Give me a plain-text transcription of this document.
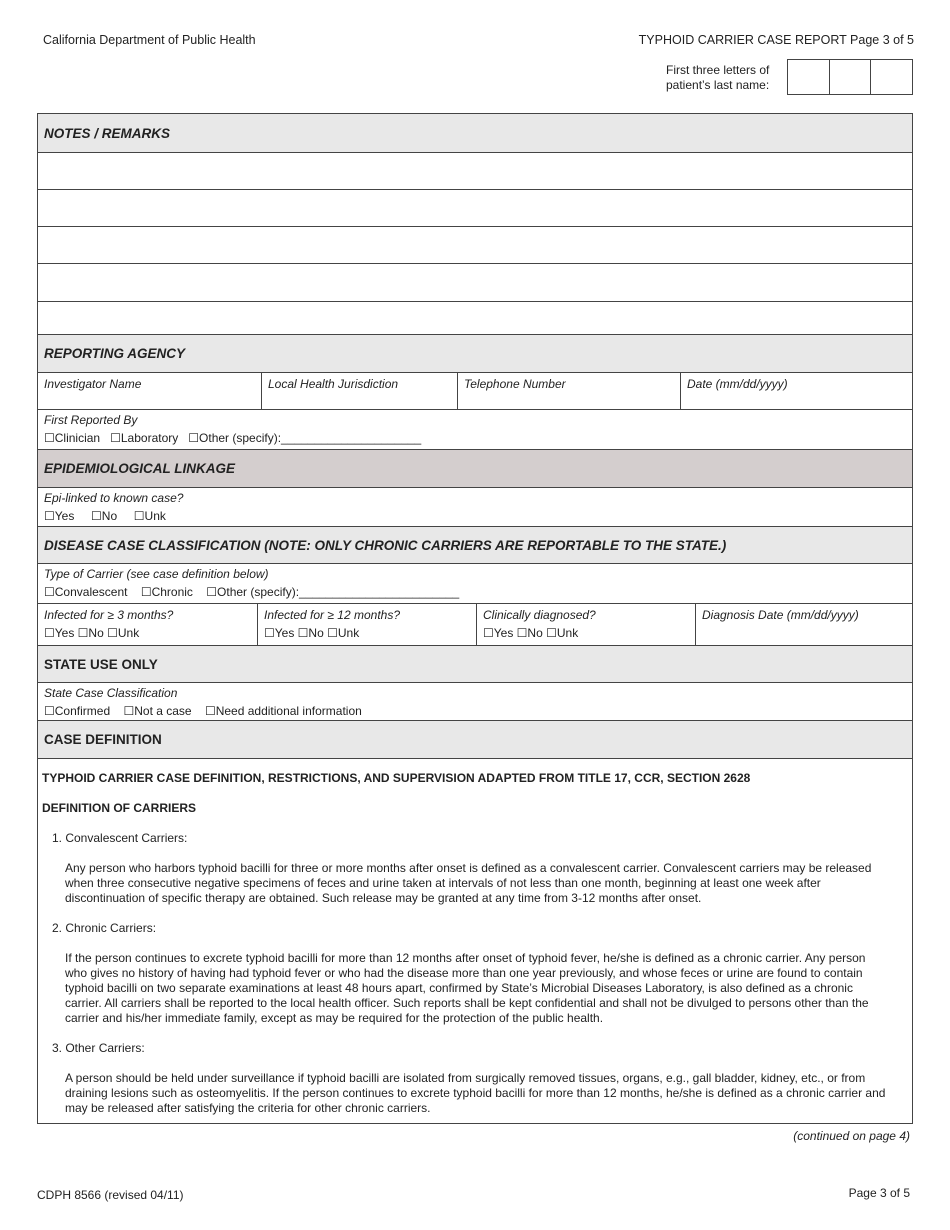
California Department of Public Health	TYPHOID CARRIER CASE REPORT Page 3 of 5
First three letters of
patient’s last name:
NOTES / REMARKS
REPORTING AGENCY
Investigator Name	Local Health Jurisdiction	Telephone Number	Date (mm/dd/yyyy)
First Reported By
☐Clinician ☐Laboratory ☐Other (specify):_____________________
EPIDEMIOLOGICAL LINKAGE
Epi-linked to known case?
☐Yes ☐No ☐Unk
DISEASE CASE CLASSIFICATION (NOTE: ONLY CHRONIC CARRIERS ARE REPORTABLE TO THE STATE.)
Type of Carrier (see case definition below)
☐Convalescent ☐Chronic ☐Other (specify):________________________
Infected for ≥ 3 months?
☐Yes ☐No ☐Unk
Infected for ≥ 12 months?
☐Yes ☐No ☐Unk
Clinically diagnosed?
☐Yes ☐No ☐Unk
Diagnosis Date (mm/dd/yyyy)
STATE USE ONLY
State Case Classification
☐Confirmed ☐Not a case ☐Need additional information
CASE DEFINITION

TYPHOID CARRIER CASE DEFINITION, RESTRICTIONS, AND SUPERVISION ADAPTED FROM TITLE 17, CCR, SECTION 2628

DEFINITION OF CARRIERS

1. Convalescent Carriers:

Any person who harbors typhoid bacilli for three or more months after onset is defined as a convalescent carrier. Convalescent carriers may be released when three consecutive negative specimens of feces and urine taken at intervals of not less than one month, beginning at least one week after discontinuation of specific therapy are obtained. Such release may be granted at any time from 3-12 months after onset.

2. Chronic Carriers:

If the person continues to excrete typhoid bacilli for more than 12 months after onset of typhoid fever, he/she is defined as a chronic carrier. Any person who gives no history of having had typhoid fever or who had the disease more than one year previously, and whose feces or urine are found to contain typhoid bacilli on two separate examinations at least 48 hours apart, confirmed by State’s Microbial Diseases Laboratory, is also defined as a chronic carrier. All carriers shall be reported to the local health officer. Such reports shall be kept confidential and shall not be divulged to persons other than the carrier and his/her immediate family, except as may be required for the protection of the public health.

3. Other Carriers:

A person should be held under surveillance if typhoid bacilli are isolated from surgically removed tissues, organs, e.g., gall bladder, kidney, etc., or from draining lesions such as osteomyelitis. If the person continues to excrete typhoid bacilli for more than 12 months, he/she is defined as a chronic carrier and may be released after satisfying the criteria for other chronic carriers.

(continued on page 4)
CDPH 8566 (revised 04/11)	Page 3 of 5
